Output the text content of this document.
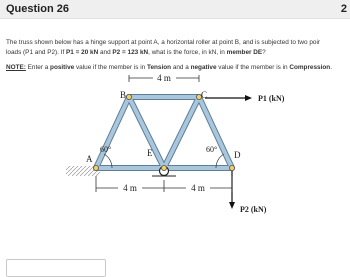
Question 26	2
The truss shown below has a hinge support at point A, a horizontal roller at point B, and is subjected to two poir
loads (P1 and P2). If P1 = 20 kN and P2 = 123 kN, what is the force, in kN, in member DE?
NOTE: Enter a positive value if the member is in Tension and a negative value if the member is in Compression.
4 m
B	C
A
E	D
60°	60°
P1 (kN)
P2 (kN)
4 m	4 m
